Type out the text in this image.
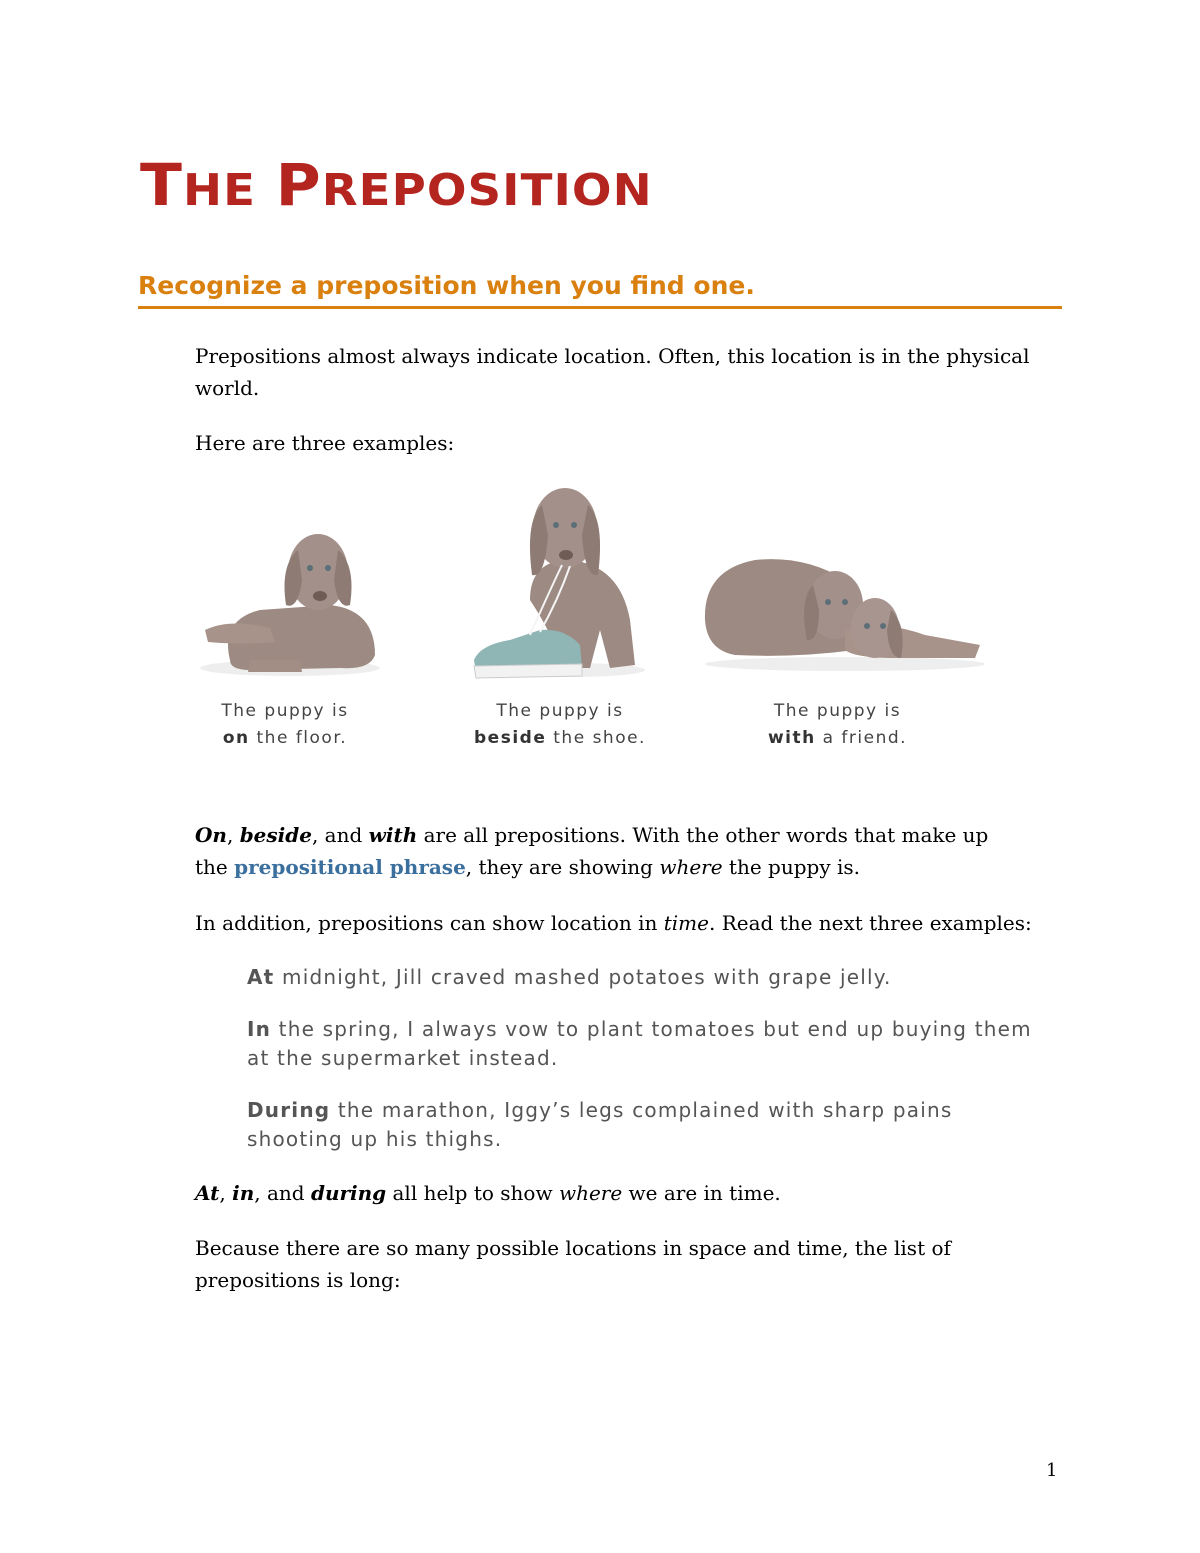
THE PREPOSITION
Recognize a preposition when you find one.

Prepositions almost always indicate location. Often, this location is in the physical world.

Here are three examples:

The puppy is
on the floor.
The puppy is
beside the shoe.
The puppy is
with a friend.

On, beside, and with are all prepositions. With the other words that make up the prepositional phrase, they are showing where the puppy is.

In addition, prepositions can show location in time. Read the next three examples:

At midnight, Jill craved mashed potatoes with grape jelly.

In the spring, I always vow to plant tomatoes but end up buying them at the supermarket instead.

During the marathon, Iggy’s legs complained with sharp pains shooting up his thighs.

At, in, and during all help to show where we are in time.

Because there are so many possible locations in space and time, the list of prepositions is long:

1
